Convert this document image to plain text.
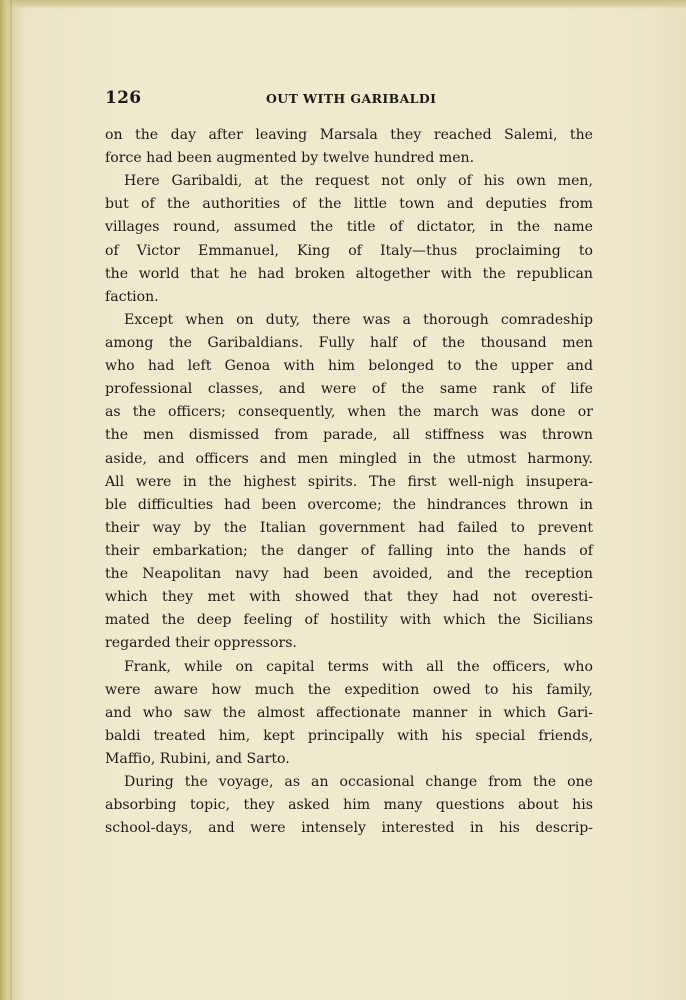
126	OUT WITH GARIBALDI
on the day after leaving Marsala they reached Salemi, the
force had been augmented by twelve hundred men.
Here Garibaldi, at the request not only of his own men,
but of the authorities of the little town and deputies from
villages round, assumed the title of dictator, in the name
of Victor Emmanuel, King of Italy—thus proclaiming to
the world that he had broken altogether with the republican
faction.
Except when on duty, there was a thorough comradeship
among the Garibaldians. Fully half of the thousand men
who had left Genoa with him belonged to the upper and
professional classes, and were of the same rank of life
as the officers; consequently, when the march was done or
the men dismissed from parade, all stiffness was thrown
aside, and officers and men mingled in the utmost harmony.
All were in the highest spirits. The first well-nigh insupera-
ble difficulties had been overcome; the hindrances thrown in
their way by the Italian government had failed to prevent
their embarkation; the danger of falling into the hands of
the Neapolitan navy had been avoided, and the reception
which they met with showed that they had not overesti-
mated the deep feeling of hostility with which the Sicilians
regarded their oppressors.
Frank, while on capital terms with all the officers, who
were aware how much the expedition owed to his family,
and who saw the almost affectionate manner in which Gari-
baldi treated him, kept principally with his special friends,
Maffio, Rubini, and Sarto.
During the voyage, as an occasional change from the one
absorbing topic, they asked him many questions about his
school-days, and were intensely interested in his descrip-
